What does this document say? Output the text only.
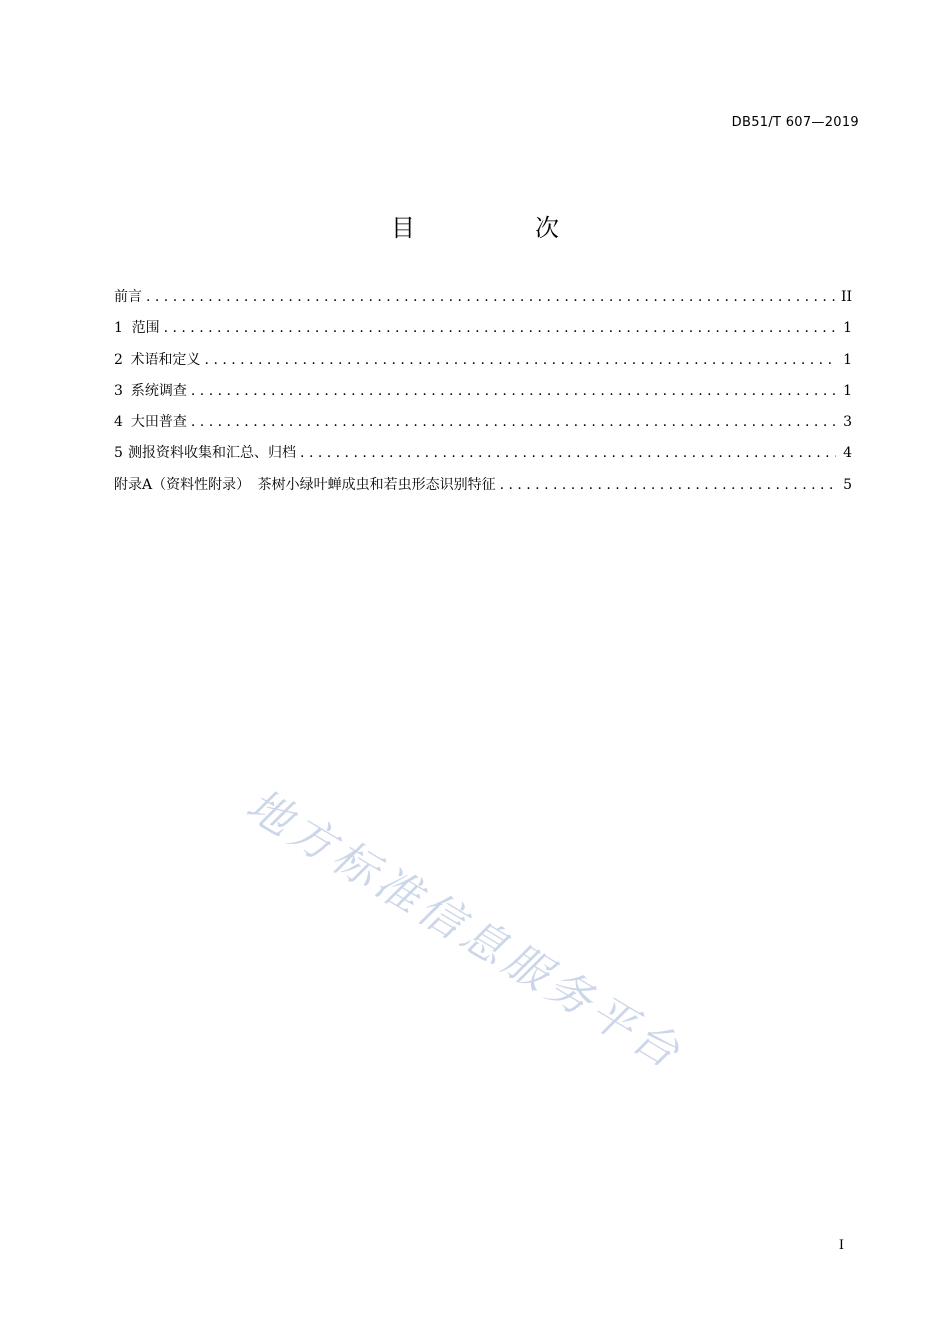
DB51/T 607—2019
目　次
前言 . . .	II
1 范围 . . .	1
2 术语和定义 . . .	1
3 系统调查 . . .	1
4 大田普查 . . .	3
5 测报资料收集和汇总、归档 . . .	4
附录A（资料性附录） 茶树小绿叶蝉成虫和若虫形态识别特征 . . .	5
地方标准信息服务平台
I
